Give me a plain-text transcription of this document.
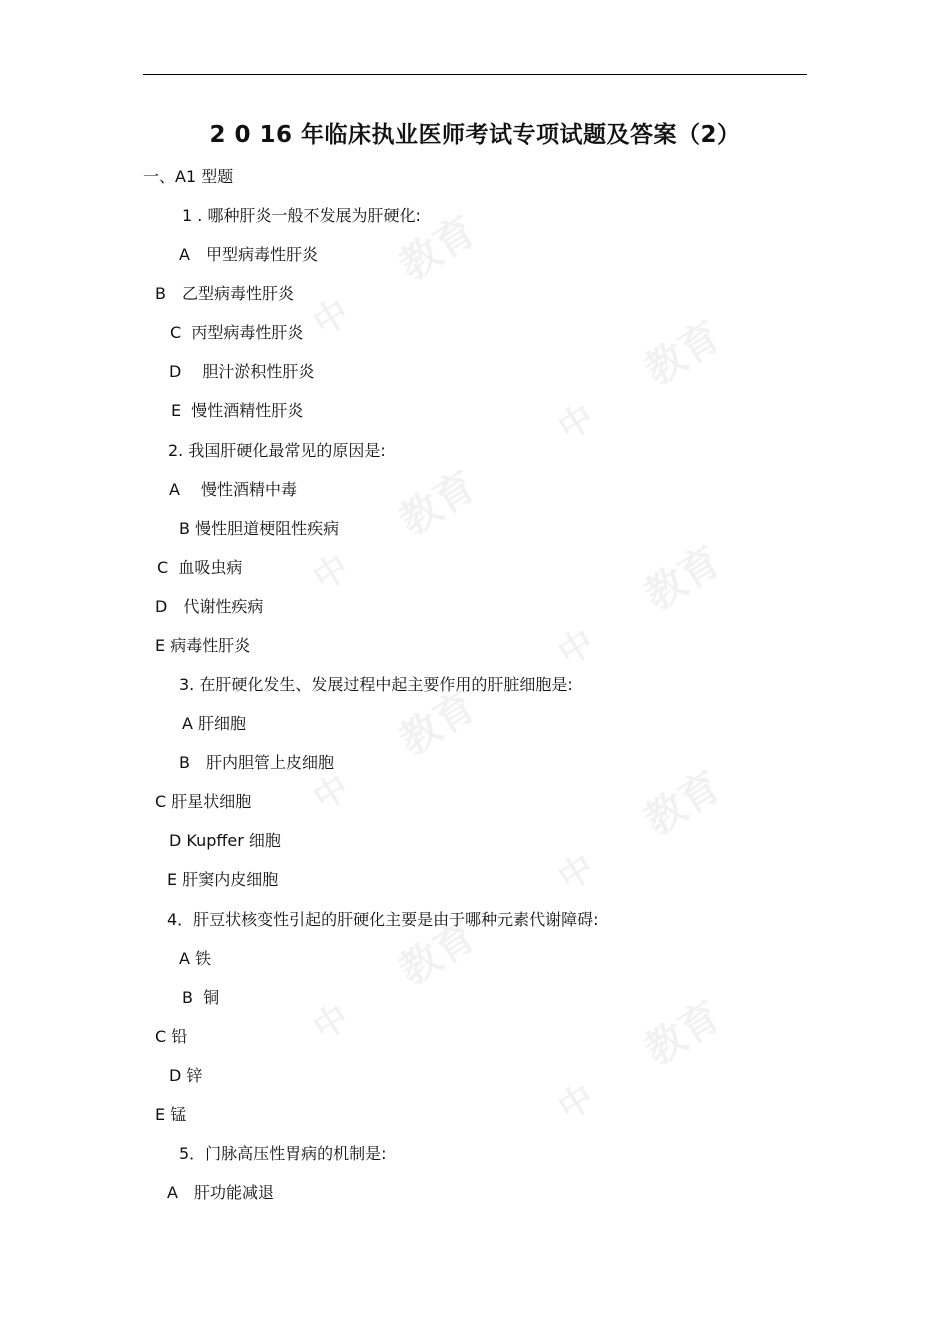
中教育
中教育
中教育
中教育
中教育
中教育
中教育
中教育
2 0 16 年临床执业医师考试专项试题及答案（2）
一、A1 型题
1 . 哪种肝炎一般不发展为肝硬化:
A　甲型病毒性肝炎
B　乙型病毒性肝炎
C  丙型病毒性肝炎
D　 胆汁淤积性肝炎
E  慢性酒精性肝炎
2. 我国肝硬化最常见的原因是:
A　 慢性酒精中毒
B 慢性胆道梗阻性疾病
C  血吸虫病
D　代谢性疾病
E 病毒性肝炎
3. 在肝硬化发生、发展过程中起主要作用的肝脏细胞是:
A 肝细胞
B　肝内胆管上皮细胞
C 肝星状细胞
D Kupffer 细胞
E 肝窦内皮细胞
4．肝豆状核变性引起的肝硬化主要是由于哪种元素代谢障碍:
A 铁
B  铜
C 铅
D 锌
E 锰
5．门脉高压性胃病的机制是:
A　肝功能减退
